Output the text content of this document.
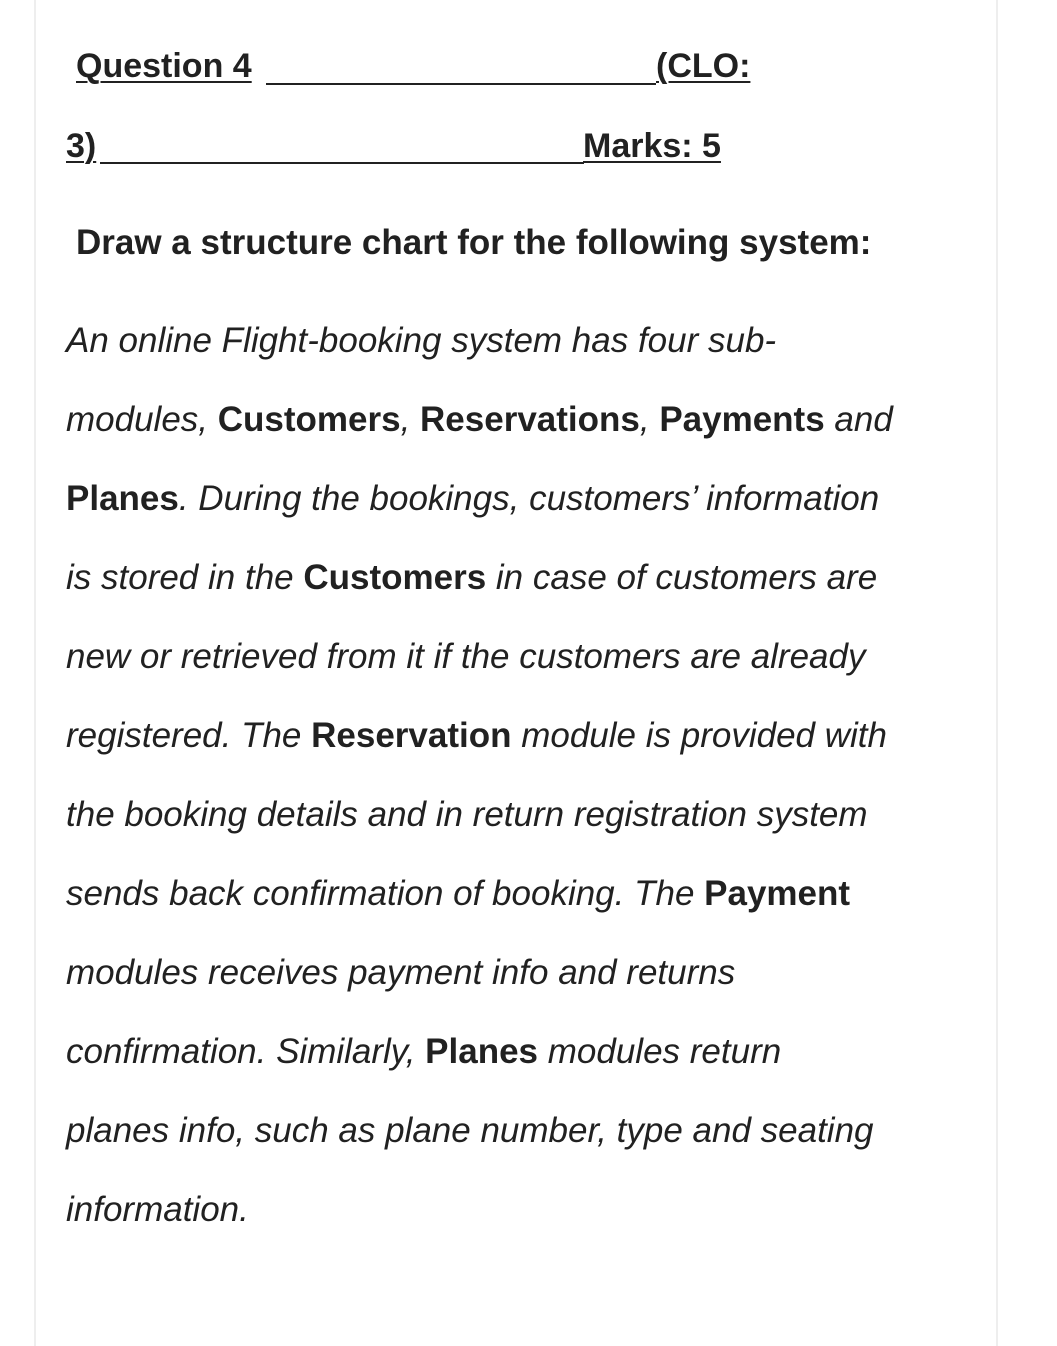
Question 4	(CLO:
3)	Marks: 5
Draw a structure chart for the following system:
An online Flight-booking system has four sub-
modules, Customers, Reservations, Payments and
Planes. During the bookings, customers’ information
is stored in the Customers in case of customers are
new or retrieved from it if the customers are already
registered. The Reservation module is provided with
the booking details and in return registration system
sends back confirmation of booking. The Payment
modules receives payment info and returns
confirmation. Similarly, Planes modules return
planes info, such as plane number, type and seating
information.
